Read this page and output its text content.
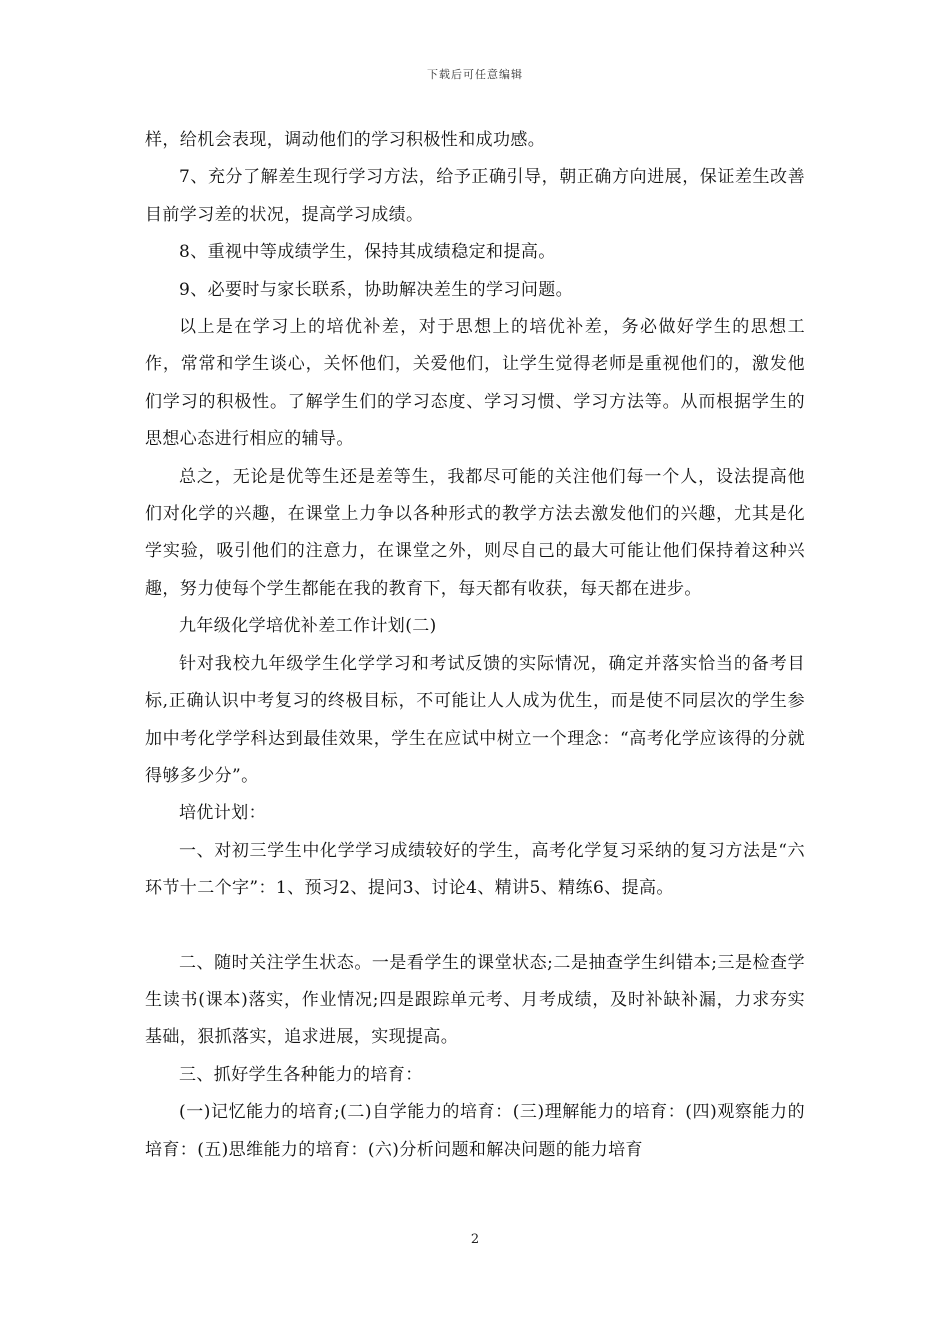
下载后可任意编辑

样，给机会表现，调动他们的学习积极性和成功感。

7、充分了解差生现行学习方法，给予正确引导，朝正确方向进展，保证差生改善目前学习差的状况，提高学习成绩。

8、重视中等成绩学生，保持其成绩稳定和提高。

9、必要时与家长联系，协助解决差生的学习问题。

以上是在学习上的培优补差，对于思想上的培优补差，务必做好学生的思想工作，常常和学生谈心，关怀他们，关爱他们，让学生觉得老师是重视他们的，激发他们学习的积极性。了解学生们的学习态度、学习习惯、学习方法等。从而根据学生的思想心态进行相应的辅导。

总之，无论是优等生还是差等生，我都尽可能的关注他们每一个人，设法提高他们对化学的兴趣，在课堂上力争以各种形式的教学方法去激发他们的兴趣，尤其是化学实验，吸引他们的注意力，在课堂之外，则尽自己的最大可能让他们保持着这种兴趣，努力使每个学生都能在我的教育下，每天都有收获，每天都在进步。

九年级化学培优补差工作计划(二)

针对我校九年级学生化学学习和考试反馈的实际情况，确定并落实恰当的备考目标,正确认识中考复习的终极目标，不可能让人人成为优生，而是使不同层次的学生参加中考化学学科达到最佳效果，学生在应试中树立一个理念：“高考化学应该得的分就得够多少分”。

培优计划：

一、对初三学生中化学学习成绩较好的学生，高考化学复习采纳的复习方法是“六环节十二个字”：1、预习2、提问3、讨论4、精讲5、精练6、提高。

二、随时关注学生状态。一是看学生的课堂状态;二是抽查学生纠错本;三是检查学生读书(课本)落实，作业情况;四是跟踪单元考、月考成绩，及时补缺补漏，力求夯实基础，狠抓落实，追求进展，实现提高。

三、抓好学生各种能力的培育：

(一)记忆能力的培育;(二)自学能力的培育：(三)理解能力的培育：(四)观察能力的培育：(五)思维能力的培育：(六)分析问题和解决问题的能力培育

2
